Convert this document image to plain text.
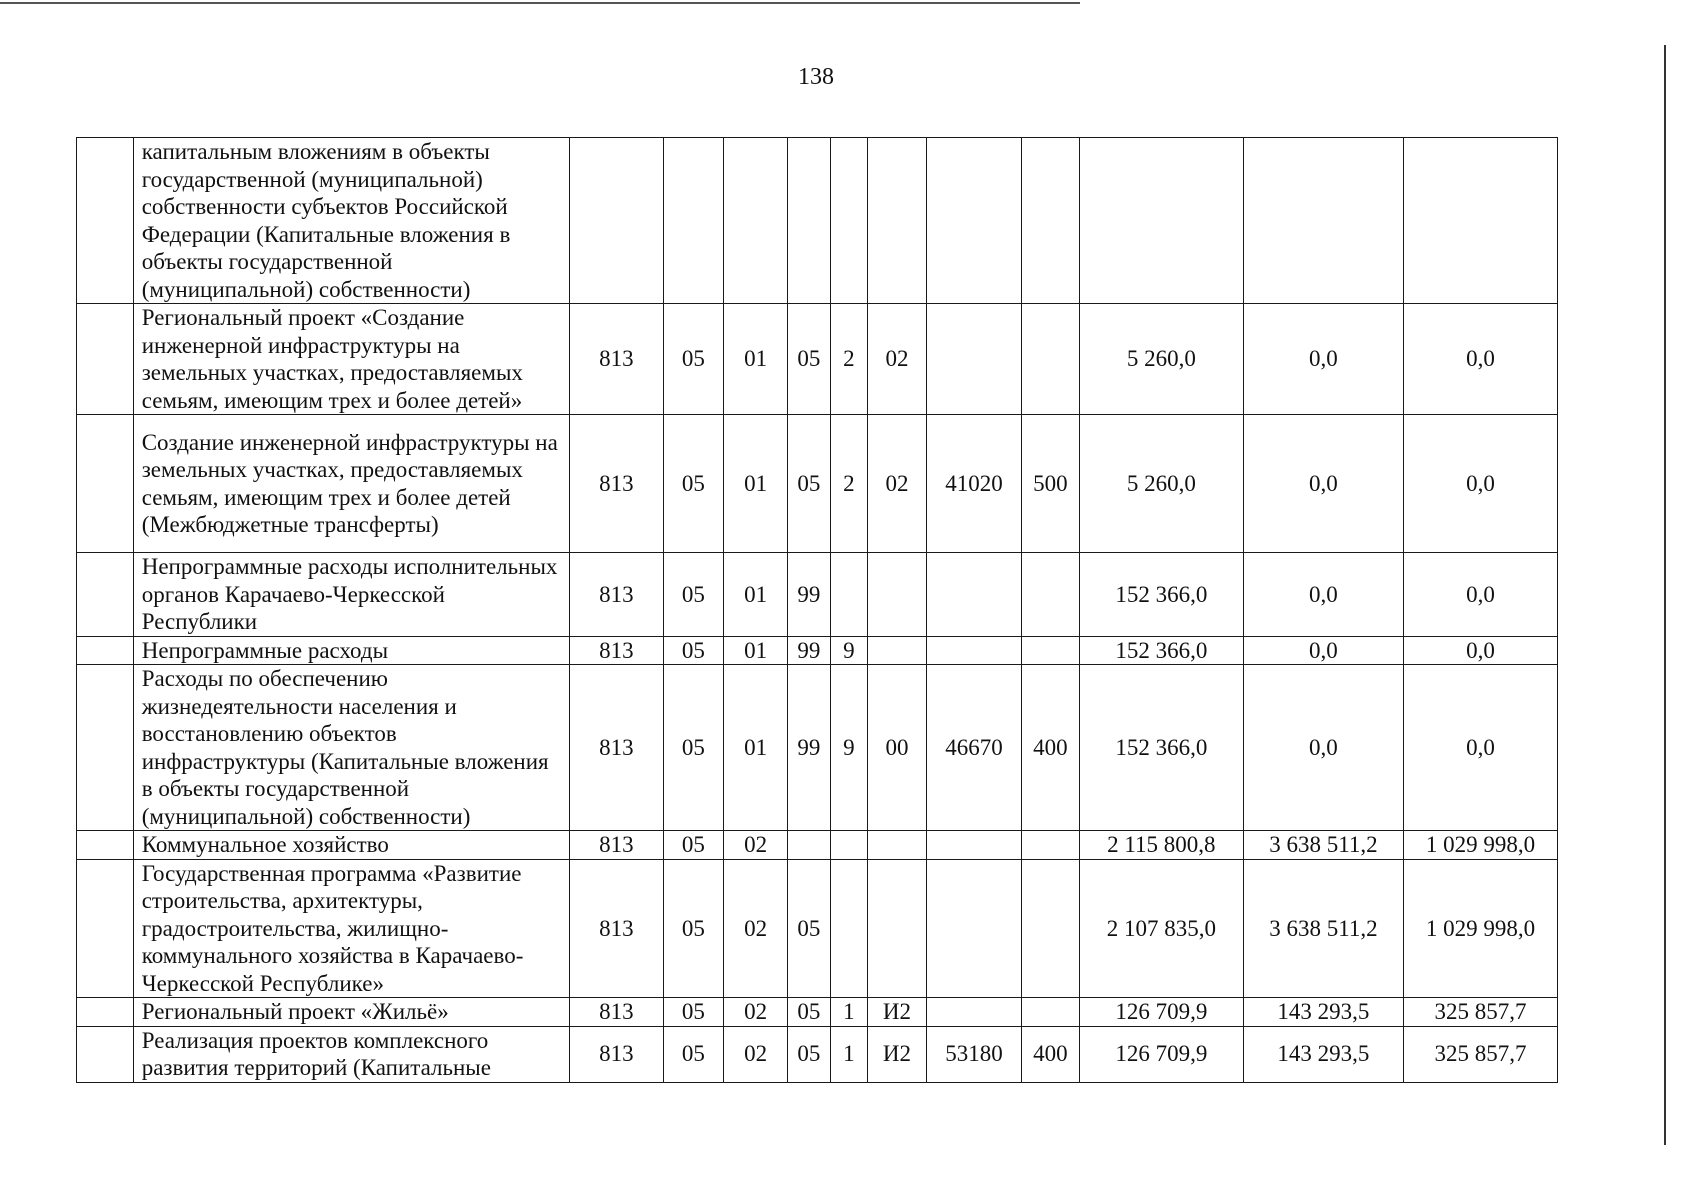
138
	капитальным вложениям в объекты государственной (муниципальной) собственности субъектов Российской Федерации (Капитальные вложения в объекты государственной (муниципальной) собственности)											
	Региональный проект «Создание инженерной инфраструктуры на земельных участках, предоставляемых семьям, имеющим трех и более детей»	813	05	01	05	2	02			5 260,0	0,0	0,0
	Создание инженерной инфраструктуры на земельных участках, предоставляемых семьям, имеющим трех и более детей (Межбюджетные трансферты)	813	05	01	05	2	02	41020	500	5 260,0	0,0	0,0
	Непрограммные расходы исполнительных органов Карачаево-Черкесской Республики	813	05	01	99					152 366,0	0,0	0,0
	Непрограммные расходы	813	05	01	99	9				152 366,0	0,0	0,0
	Расходы по обеспечению жизнедеятельности населения и восстановлению объектов инфраструктуры (Капитальные вложения в объекты государственной (муниципальной) собственности)	813	05	01	99	9	00	46670	400	152 366,0	0,0	0,0
	Коммунальное хозяйство	813	05	02						2 115 800,8	3 638 511,2	1 029 998,0
	Государственная программа «Развитие строительства, архитектуры, градостроительства, жилищно-коммунального хозяйства в Карачаево-Черкесской Республике»	813	05	02	05					2 107 835,0	3 638 511,2	1 029 998,0
	Региональный проект «Жильё»	813	05	02	05	1	И2			126 709,9	143 293,5	325 857,7
	Реализация проектов комплексного развития территорий (Капитальные	813	05	02	05	1	И2	53180	400	126 709,9	143 293,5	325 857,7
